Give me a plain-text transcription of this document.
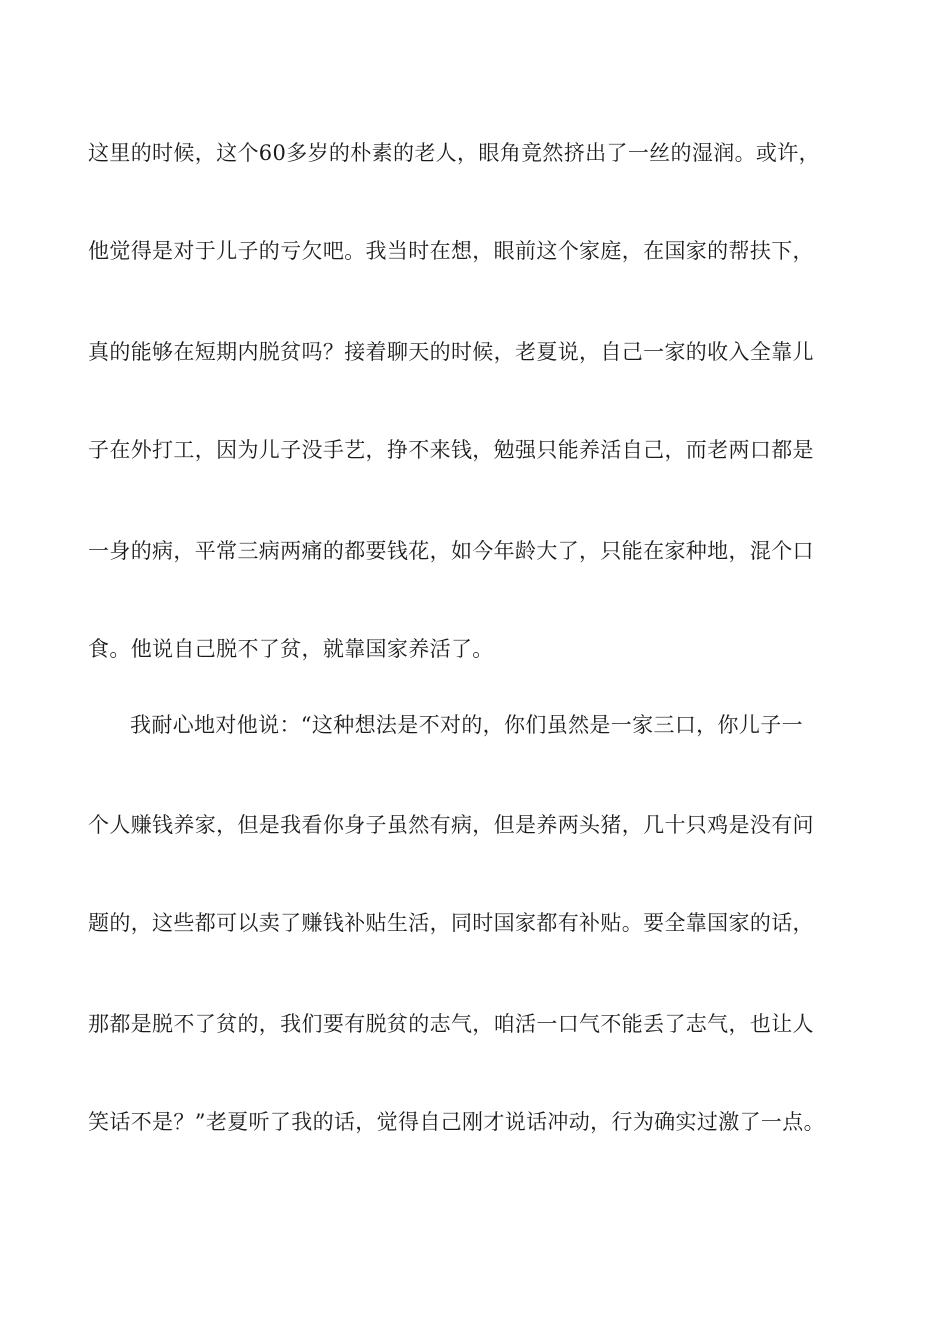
这里的时候，这个60多岁的朴素的老人，眼角竟然挤出了一丝的湿润。或许，
他觉得是对于儿子的亏欠吧。我当时在想，眼前这个家庭，在国家的帮扶下，
真的能够在短期内脱贫吗？接着聊天的时候，老夏说，自己一家的收入全靠儿
子在外打工，因为儿子没手艺，挣不来钱，勉强只能养活自己，而老两口都是
一身的病，平常三病两痛的都要钱花，如今年龄大了，只能在家种地，混个口
食。他说自己脱不了贫，就靠国家养活了。
我耐心地对他说：“这种想法是不对的，你们虽然是一家三口，你儿子一
个人赚钱养家，但是我看你身子虽然有病，但是养两头猪，几十只鸡是没有问
题的，这些都可以卖了赚钱补贴生活，同时国家都有补贴。要全靠国家的话，
那都是脱不了贫的，我们要有脱贫的志气，咱活一口气不能丢了志气，也让人
笑话不是？”老夏听了我的话，觉得自己刚才说话冲动，行为确实过激了一点。
